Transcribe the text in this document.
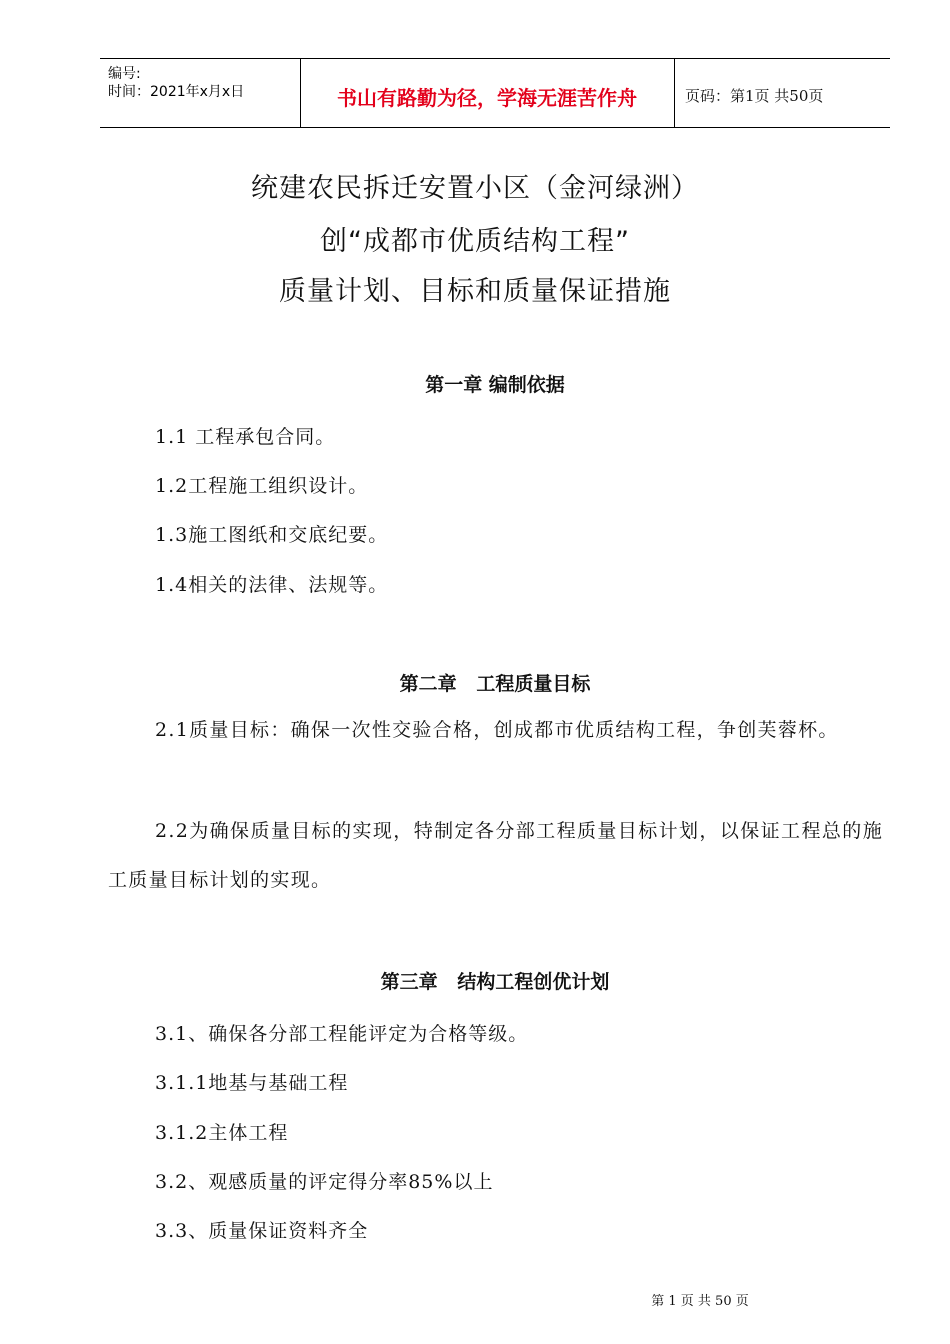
编号:
时间：2021年x月x日	书山有路勤为径，学海无涯苦作舟	页码：第1页 共50页
统建农民拆迁安置小区（金河绿洲）
创“成都市优质结构工程”
质量计划、目标和质量保证措施
第一章 编制依据
1.1 工程承包合同。
1.2工程施工组织设计。
1.3施工图纸和交底纪要。
1.4相关的法律、法规等。
第二章   工程质量目标
2.1质量目标：确保一次性交验合格，创成都市优质结构工程，争创芙蓉杯。
2.2为确保质量目标的实现，特制定各分部工程质量目标计划，以保证工程总的施工质量目标计划的实现。
第三章   结构工程创优计划
3.1、确保各分部工程能评定为合格等级。
3.1.1地基与基础工程
3.1.2主体工程
3.2、观感质量的评定得分率85%以上
3.3、质量保证资料齐全
第 1 页 共 50 页
